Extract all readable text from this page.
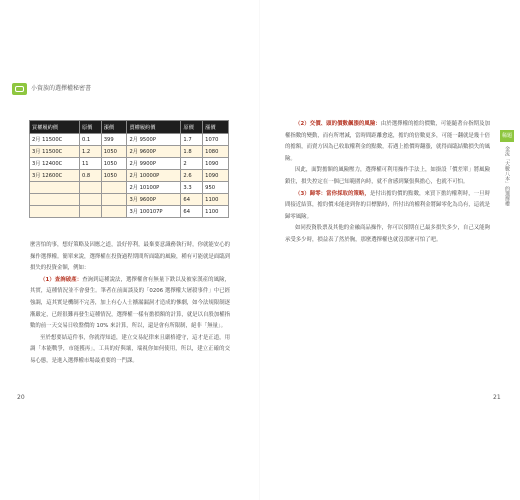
小資族的選擇權秘密書
買權履約價	原價	漲價	賣權履約價	原價	漲價
2月 11500C	0.1	399	2月 9500P	1.7	1070
3月 11500C	1.2	1050	2月 9600P	1.8	1080
3月 12400C	11	1050	2月 9900P	2	1090
3月 12600C	0.8	1050	2月 10000P	2.6	1090
			2月 10100P	3.3	950
			3月 9600P	64	1100
			3月 100107P	64	1100

麼害怕的事，想好策略及因應之道，設好停利，最棄要意識務執行時，你就能安心的操作選擇權。簡單來說，選擇權在投資過程期間所面臨的風險，種有可能就是面臨到損失的投資金額，例如：

（1）查詢破產：查詢到這種說法，選擇權會有無量下跌以及被家漢產的風險，其實，這種情況並不會發生。筆者在前面談及的「0206 選擇權大屠殺事件」中已經強調，這其實是機制不完善，加上有心人士擴漏漏洞才造成的慘劇，如今法規限制逐漸嚴定，已經很難再發生這種情況，選擇權一樣有擔損額的計算，就是以自股加權指數的前一天交易日收盤價的 10% 來計算，所以，還是會有所限制，絕非「無量」。

至於想要結這件事，你就得知道，建立交易紀律來且嚴格遵守，這才是正道，用調「本能戰爭，市能獲再」，工具的好與壞，端視你如何使用，所以，建立正確的交易心態，是進入選擇權市場最重要的一門課。

（2）交價、頭的價數飆漲的風險：由於選擇權的擔約價數，可能隨著台指期及加權指數的變動，而有所增減，當時間距離愈遠，擔約的倍數更多，可能一翻就是幾十倍的擔額，而賣方因為已收取權利金的點數，若遇上擔價時翻漲，就得面臨結數損失的風險。

因此，面對擔額的風險壓力，選擇權可利用操作手法上，如掛設「價差單」將風險鎖住，損失控定在一個已知範圍內時，就不會感到緊張與擔心，也就不可怕。

（3）歸零：當你採取的策略，是付出擔約價的點數，來買下擔約權利時，一旦時間接近結算，擔約價未能達到你的目標點時，所付出的權利金將歸零化為烏有，這就是歸零風險。

如同投資股票及其他的金融商品操作，你可以預期在已最多損失多少，自己又能夠承受多少時，損益表了然於胸，那麼選擇權也就沒那麼可怕了吧。

稀題
金流「大數八本」的選擇權
20	21
